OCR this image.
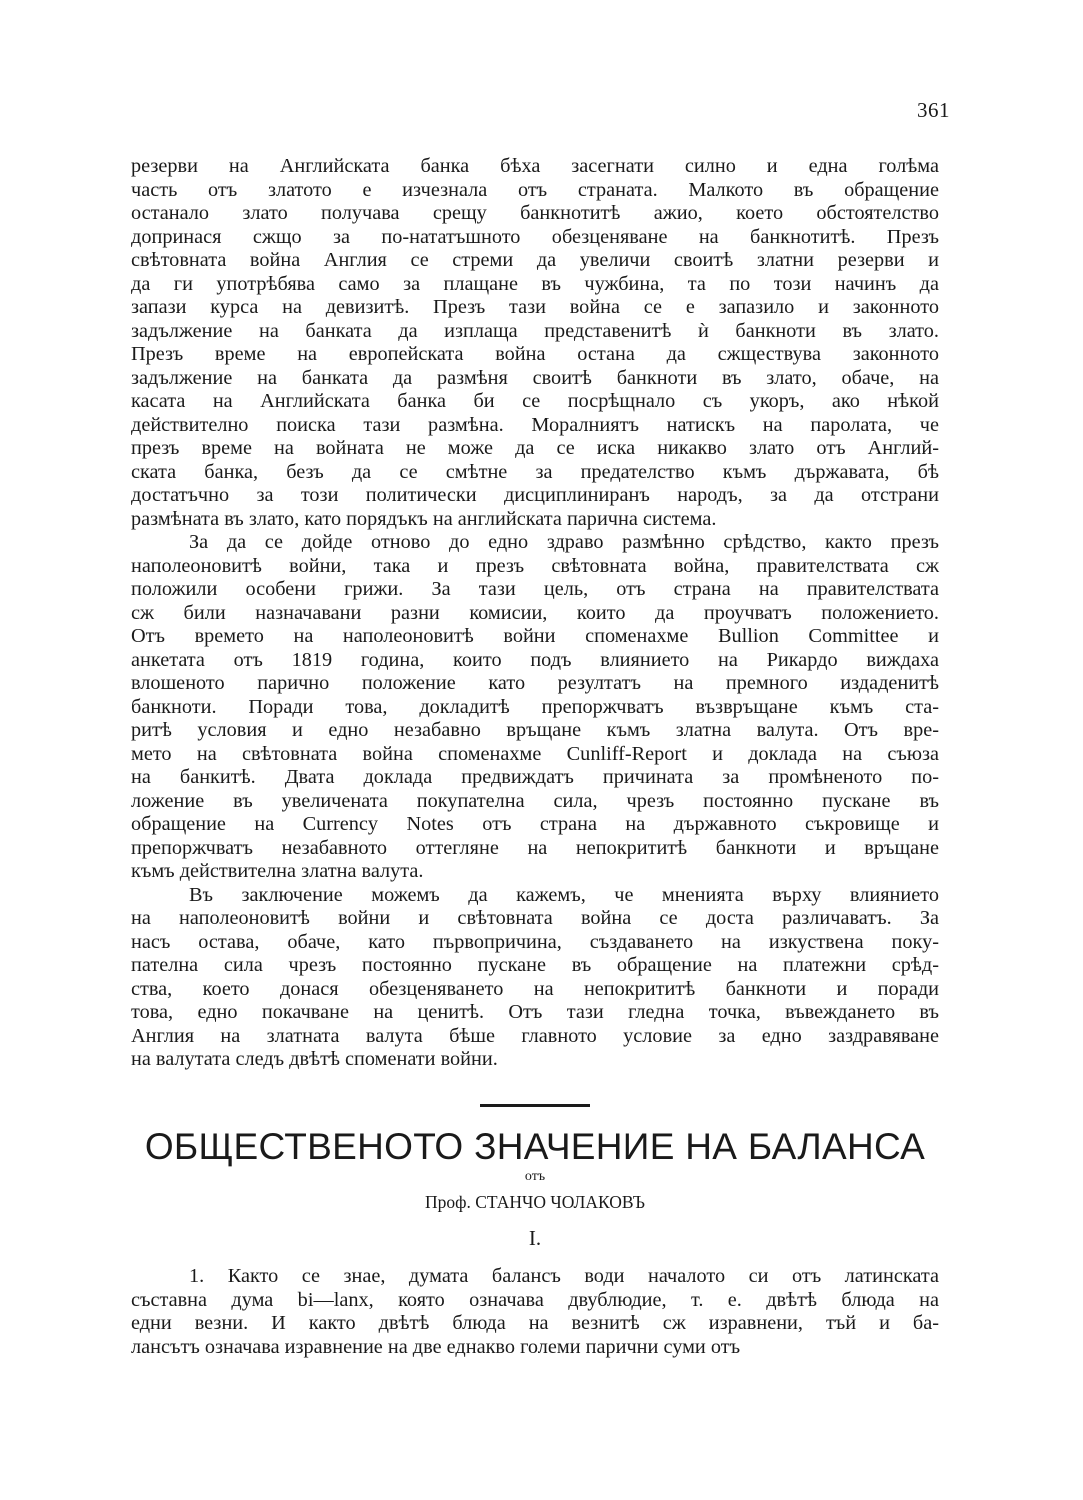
361
резерви на Английската банка бѣха засегнати силно и една голѣма
часть отъ златото е изчезнала отъ страната. Малкото въ обращение
останало злато получава срещу банкнотитѣ ажио, което обстоятелство
допринася сжщо за по-нататъшното обезценяване на банкнотитѣ. Презъ
свѣтовната война Англия се стреми да увеличи своитѣ златни резерви и
да ги употрѣбява само за плащане въ чужбина, та по този начинъ да
запази курса на девизитѣ. Презъ тази война се е запазило и законното
задължение на банката да изплаща представенитѣ ѝ банкноти въ злато.
Презъ време на европейската война остана да сжществува законното
задължение на банката да размѣня своитѣ банкноти въ злато, обаче, на
касата на Английската банка би се посрѣщнало съ укоръ, ако нѣкой
действително поиска тази размѣна. Моралниятъ натискъ на паролата, че
презъ време на войната не може да се иска никакво злато отъ Англий-
ската банка, безъ да се смѣтне за предателство къмъ държавата, бѣ
достатъчно за този политически дисциплиниранъ народъ, за да отстрани
размѣната въ злато, като порядъкъ на английската парична система.
За да се дойде отново до едно здраво размѣнно срѣдство, както презъ
наполеоновитѣ войни, така и презъ свѣтовната война, правителствата сж
положили особени грижи. За тази цель, отъ страна на правителствата
сж били назначавани разни комисии, които да проучватъ положението.
Отъ времето на наполеоновитѣ войни споменахме Bullion Committee и
анкетата отъ 1819 година, които подъ влиянието на Рикардо виждаха
влошеното парично положение като резултатъ на премного издаденитѣ
банкноти. Поради това, докладитѣ препоржчватъ възвръщане къмъ ста-
ритѣ условия и едно незабавно връщане къмъ златна валута. Отъ вре-
мето на свѣтовната война споменахме Cunliff-Report и доклада на съюза
на банкитѣ. Двата доклада предвиждатъ причината за промѣненото по-
ложение въ увеличената покупателна сила, чрезъ постоянно пускане въ
обращение на Currency Notes отъ страна на държавното съкровище и
препоржчватъ незабавното оттегляне на непокрититѣ банкноти и връщане
къмъ действителна златна валута.
Въ заключение можемъ да кажемъ, че мненията върху влиянието
на наполеоновитѣ войни и свѣтовната война се доста различаватъ. За
насъ остава, обаче, като първопричина, създаването на изкуствена поку-
пателна сила чрезъ постоянно пускане въ обращение на платежни срѣд-
ства, което донася обезценяването на непокрититѣ банкноти и поради
това, едно покачване на ценитѣ. Отъ тази гледна точка, въвеждането въ
Англия на златната валута бѣше главното условие за едно заздравяване
на валутата следъ двѣтѣ споменати войни.
ОБЩЕСТВЕНОТО ЗНАЧЕНИЕ НА БАЛАНСА
отъ
Проф. СТАНЧО ЧОЛАКОВЪ
I.
1. Както се знае, думата балансъ води началото си отъ латинската
съставна дума bi—lanx, която означава двублюдие, т. е. двѣтѣ блюда на
едни везни. И както двѣтѣ блюда на везнитѣ сж изравнени, тъй и ба-
лансътъ означава изравнение на две еднакво големи парични суми отъ
